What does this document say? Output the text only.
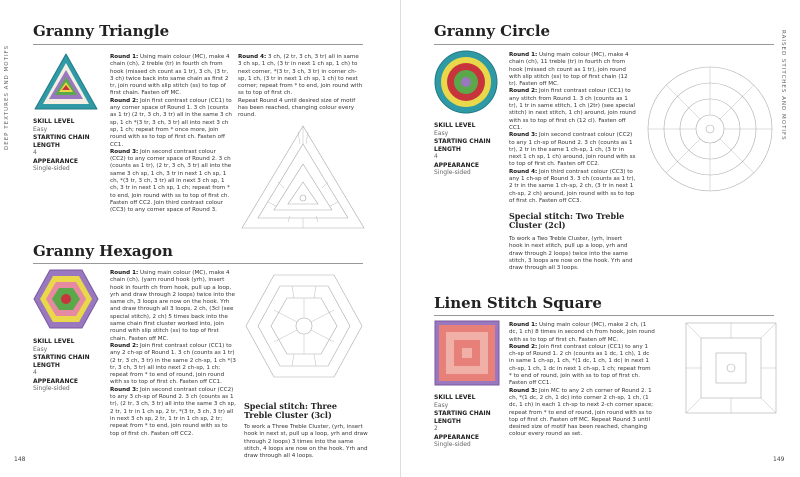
DEEP TEXTURES AND MOTIFS
Granny Triangle
SKILL LEVEL
Easy
STARTING CHAIN LENGTH
4
APPEARANCE
Single-sided

Round 1: Using main colour (MC), make 4 chain (ch), 2 treble (tr) in fourth ch from hook (missed ch count as 1 tr), 3 ch, (3 tr, 3 ch) twice back into same chain as first 2 tr, join round with slip stitch (ss) to top of first chain. Fasten off MC.

Round 2: Join first contrast colour (CC1) to any corner space of Round 1. 3 ch (counts as 1 tr) (2 tr, 3 ch, 3 tr) all in the same 3 ch sp, 1 ch *(3 tr, 3 ch, 3 tr) all into next 3 ch sp, 1 ch; repeat from * once more, join round with ss to top of first ch. Fasten off CC1.

Round 3: Join second contrast colour (CC2) to any corner space of Round 2. 3 ch (counts as 1 tr), (2 tr, 3 ch, 3 tr) all into the same 3 ch sp, 1 ch, 3 tr in next 1 ch sp, 1 ch, *(3 tr, 3 ch, 3 tr) all in next 3 ch sp, 1 ch, 3 tr in next 1 ch sp, 1 ch; repeat from * to end, join round with ss to top of first ch. Fasten off CC2. Join third contrast colour (CC3) to any corner space of Round 3.

Round 4: 3 ch, (2 tr, 3 ch, 3 tr) all in same 3 ch sp, 1 ch, (3 tr in next 1 ch sp, 1 ch) to next corner, *(3 tr, 3 ch, 3 tr) in corner ch-sp, 1 ch, (3 tr in next 1 ch sp, 1 ch) to next corner; repeat from * to end, join round with ss to top of first ch.

Repeat Round 4 until desired size of motif has been reached, changing colour every round.

Granny Hexagon
SKILL LEVEL
Easy
STARTING CHAIN LENGTH
4
APPEARANCE
Single-sided

Round 1: Using main colour (MC), make 4 chain (ch), (yarn round hook (yrh), insert hook in fourth ch from hook, pull up a loop, yrh and draw through 2 loops) twice into the same ch, 3 loops are now on the hook. Yrh and draw through all 3 loops, 2 ch, (3cl (see special stitch), 2 ch) 5 times back into the same chain first cluster worked into, join round with slip stitch (ss) to top of first chain. Fasten off MC.

Round 2: Join first contrast colour (CC1) to any 2 ch-sp of Round 1. 3 ch (counts as 1 tr) (2 tr, 3 ch, 3 tr) in the same 2 ch-sp, 1 ch *(3 tr, 3 ch, 3 tr) all into next 2 ch-sp, 1 ch; repeat from * to end of round, join round with ss to top of first ch. Fasten off CC1.

Round 3: Join second contrast colour (CC2) to any 3 ch-sp of Round 2. 3 ch (counts as 1 tr), (2 tr, 3 ch, 3 tr) all into the same 3 ch sp, 2 tr, 1 tr in 1 ch sp, 2 tr, *(3 tr, 3 ch, 3 tr) all in next 3 ch sp, 2 tr, 1 tr in 1 ch sp, 2 tr; repeat from * to end, join round with ss to top of first ch. Fasten off CC2.

Special stitch: Three Treble Cluster (3cl)
To work a Three Treble Cluster, (yrh, insert hook in next st, pull up a loop, yrh and draw through 2 loops) 3 times into the same stitch, 4 loops are now on the hook. Yrh and draw through all 4 loops.
148
RAISED STITCHES AND MOTIFS
Granny Circle
SKILL LEVEL
Easy
STARTING CHAIN LENGTH
4
APPEARANCE
Single-sided

Round 1: Using main colour (MC), make 4 chain (ch), 11 treble (tr) in fourth ch from hook (missed ch count as 1 tr), join round with slip stitch (ss) to top of first chain (12 tr). Fasten off MC.

Round 2: Join first contrast colour (CC1) to any stitch from Round 1. 3 ch (counts as 1 tr), 1 tr in same stitch, 1 ch (2tr) (see special stitch) in next stitch, 1 ch) around, join round with ss to top of first ch (12 cl). Fasten off CC1.

Round 3: Join second contrast colour (CC2) to any 1 ch-sp of Round 2. 3 ch (counts as 1 tr), 2 tr in the same 1 ch-sp, 1 ch, (3 tr in next 1 ch sp, 1 ch) around, join round with ss to top of first ch. Fasten off CC2.

Round 4: Join third contrast colour (CC3) to any 1 ch-sp of Round 3. 3 ch (counts as 1 tr), 2 tr in the same 1 ch-sp, 2 ch, (3 tr in next 1 ch-sp, 2 ch) around, join round with ss to top of first ch. Fasten off CC3.

Special stitch: Two Treble Cluster (2cl)
To work a Two Treble Cluster, (yrh, insert hook in next stitch, pull up a loop, yrh and draw through 2 loops) twice into the same stitch, 3 loops are now on the hook. Yrh and draw through all 3 loops.
Linen Stitch Square
SKILL LEVEL
Easy
STARTING CHAIN LENGTH
2
APPEARANCE
Single-sided

Round 1: Using main colour (MC), make 2 ch, (1 dc, 1 ch) 8 times in second ch from hook, join round with ss to top of first ch. Fasten off MC.

Round 2: Join first contrast colour (CC1) to any 1 ch-sp of Round 1. 2 ch (counts as 1 dc, 1 ch), 1 dc in same 1 ch-sp, 1 ch, *(1 dc, 1 ch, 1 dc) in next 1 ch-sp, 1 ch, 1 dc in next 1 ch-sp, 1 ch; repeat from * to end of round, join with ss to top of first ch. Fasten off CC1.

Round 3: Join MC to any 2 ch corner of Round 2. 1 ch, *(1 dc, 2 ch, 1 dc) into corner 2 ch-sp, 1 ch, (1 dc, 1 ch) in each 1 ch-sp to next 2-ch corner space; repeat from * to end of round, join round with ss to top of first ch. Fasten off MC. Repeat Round 3 until desired size of motif has been reached, changing colour every round as set.

149
